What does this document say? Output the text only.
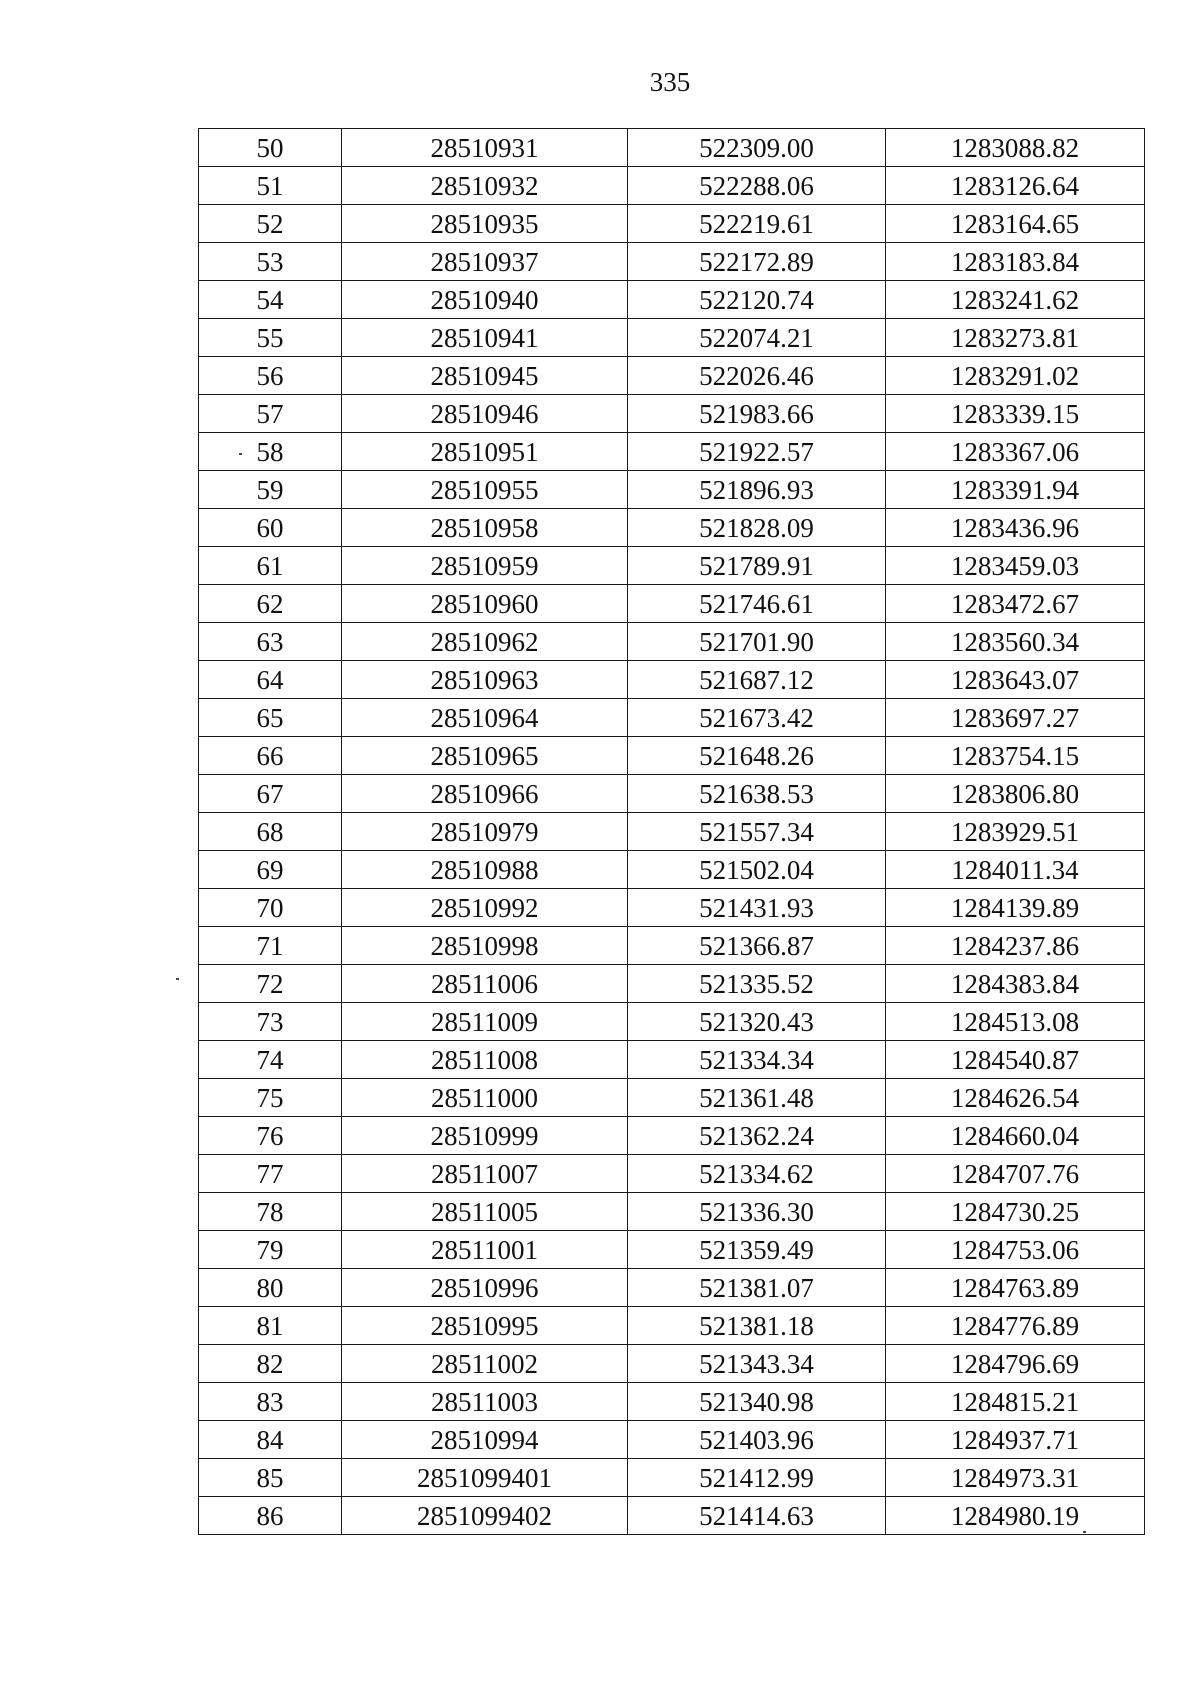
335
50	28510931	522309.00	1283088.82
51	28510932	522288.06	1283126.64
52	28510935	522219.61	1283164.65
53	28510937	522172.89	1283183.84
54	28510940	522120.74	1283241.62
55	28510941	522074.21	1283273.81
56	28510945	522026.46	1283291.02
57	28510946	521983.66	1283339.15
58	28510951	521922.57	1283367.06
59	28510955	521896.93	1283391.94
60	28510958	521828.09	1283436.96
61	28510959	521789.91	1283459.03
62	28510960	521746.61	1283472.67
63	28510962	521701.90	1283560.34
64	28510963	521687.12	1283643.07
65	28510964	521673.42	1283697.27
66	28510965	521648.26	1283754.15
67	28510966	521638.53	1283806.80
68	28510979	521557.34	1283929.51
69	28510988	521502.04	1284011.34
70	28510992	521431.93	1284139.89
71	28510998	521366.87	1284237.86
72	28511006	521335.52	1284383.84
73	28511009	521320.43	1284513.08
74	28511008	521334.34	1284540.87
75	28511000	521361.48	1284626.54
76	28510999	521362.24	1284660.04
77	28511007	521334.62	1284707.76
78	28511005	521336.30	1284730.25
79	28511001	521359.49	1284753.06
80	28510996	521381.07	1284763.89
81	28510995	521381.18	1284776.89
82	28511002	521343.34	1284796.69
83	28511003	521340.98	1284815.21
84	28510994	521403.96	1284937.71
85	2851099401	521412.99	1284973.31
86	2851099402	521414.63	1284980.19
